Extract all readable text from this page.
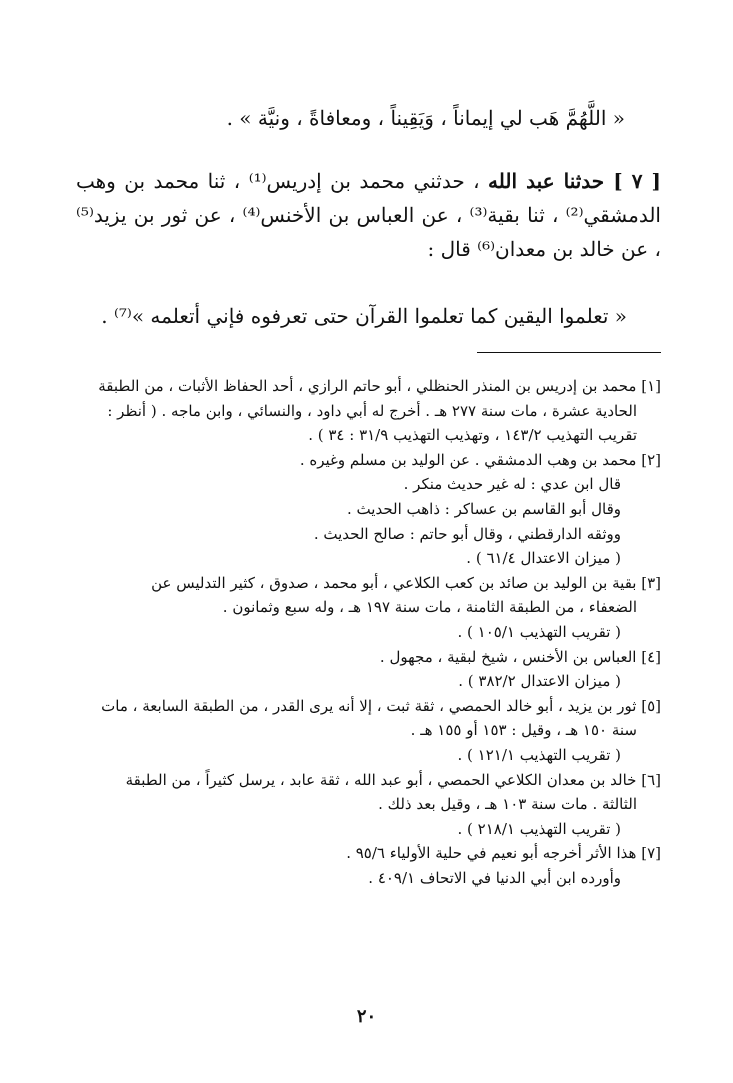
« اللَّهُمَّ هَب لي إيماناً ، وَيَقِيناً ، ومعافاةً ، ونيَّة » .

[ ٧ ] حدثنا عبد الله ، حدثني محمد بن إدريس⁽¹⁾ ، ثنا محمد بن وهب الدمشقي⁽²⁾ ، ثنا بقية⁽³⁾ ، عن العباس بن الأخنس⁽⁴⁾ ، عن ثور بن يزيد⁽⁵⁾ ، عن خالد بن معدان⁽⁶⁾ قال :

« تعلموا اليقين كما تعلموا القرآن حتى تعرفوه فإني أتعلمه »⁽⁷⁾ .

[١] محمد بن إدريس بن المنذر الحنظلي ، أبو حاتم الرازي ، أحد الحفاظ الأثبات ، من الطبقة
الحادية عشرة ، مات سنة ٢٧٧ هـ . أخرج له أبي داود ، والنسائي ، وابن ماجه . ( أنظر :
تقريب التهذيب ١٤٣/٢ ، وتهذيب التهذيب ٣١/٩ : ٣٤ ) .
[٢] محمد بن وهب الدمشقي . عن الوليد بن مسلم وغيره .
قال ابن عدي : له غير حديث منكر .
وقال أبو القاسم بن عساكر : ذاهب الحديث .
ووثقه الدارقطني ، وقال أبو حاتم : صالح الحديث .
( ميزان الاعتدال ٦١/٤ ) .
[٣] بقية بن الوليد بن صائد بن كعب الكلاعي ، أبو محمد ، صدوق ، كثير التدليس عن
الضعفاء ، من الطبقة الثامنة ، مات سنة ١٩٧ هـ ، وله سبع وثمانون .
( تقريب التهذيب ١٠٥/١ ) .
[٤] العباس بن الأخنس ، شيخ لبقية ، مجهول .
( ميزان الاعتدال ٣٨٢/٢ ) .
[٥] ثور بن يزيد ، أبو خالد الحمصي ، ثقة ثبت ، إلا أنه يرى القدر ، من الطبقة السابعة ، مات
سنة ١٥٠ هـ ، وقيل : ١٥٣ أو ١٥٥ هـ .
( تقريب التهذيب ١٢١/١ ) .
[٦] خالد بن معدان الكلاعي الحمصي ، أبو عبد الله ، ثقة عابد ، يرسل كثيراً ، من الطبقة
الثالثة . مات سنة ١٠٣ هـ ، وقيل بعد ذلك .
( تقريب التهذيب ٢١٨/١ ) .
[٧] هذا الأثر أخرجه أبو نعيم في حلية الأولياء ٩٥/٦ .
وأورده ابن أبي الدنيا في الاتحاف ٤٠٩/١ .
٢٠
